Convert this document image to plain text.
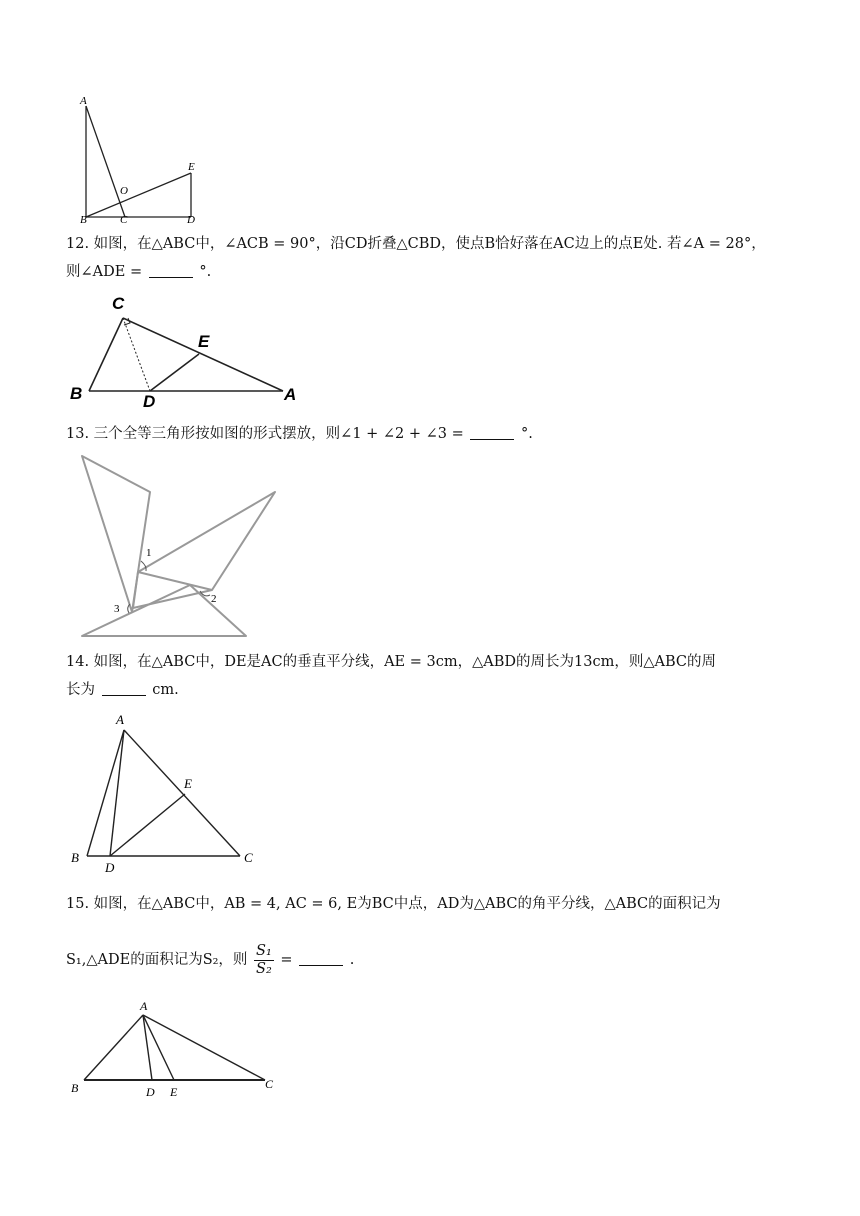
A
E
O
B	C	D
12. 如图，在△ABC中，∠ACB = 90°，沿CD折叠△CBD，使点B恰好落在AC边上的点E处. 若∠A = 28°，
则∠ADE =	°.
C
E
B	D	A
13. 三个全等三角形按如图的形式摆放，则∠1 + ∠2 + ∠3 =	°.
1
2
3
14. 如图，在△ABC中，DE是AC的垂直平分线，AE = 3cm，△ABD的周长为13cm，则△ABC的周
长为	cm.
A
E
B
D
C
15. 如图，在△ABC中，AB = 4, AC = 6, E为BC中点，AD为△ABC的角平分线，△ABC的面积记为
S₁,△ADE的面积记为S₂，则 $\frac{\text{S₁}}{\text{S₂}}$ =	.
A
B	D E
C
